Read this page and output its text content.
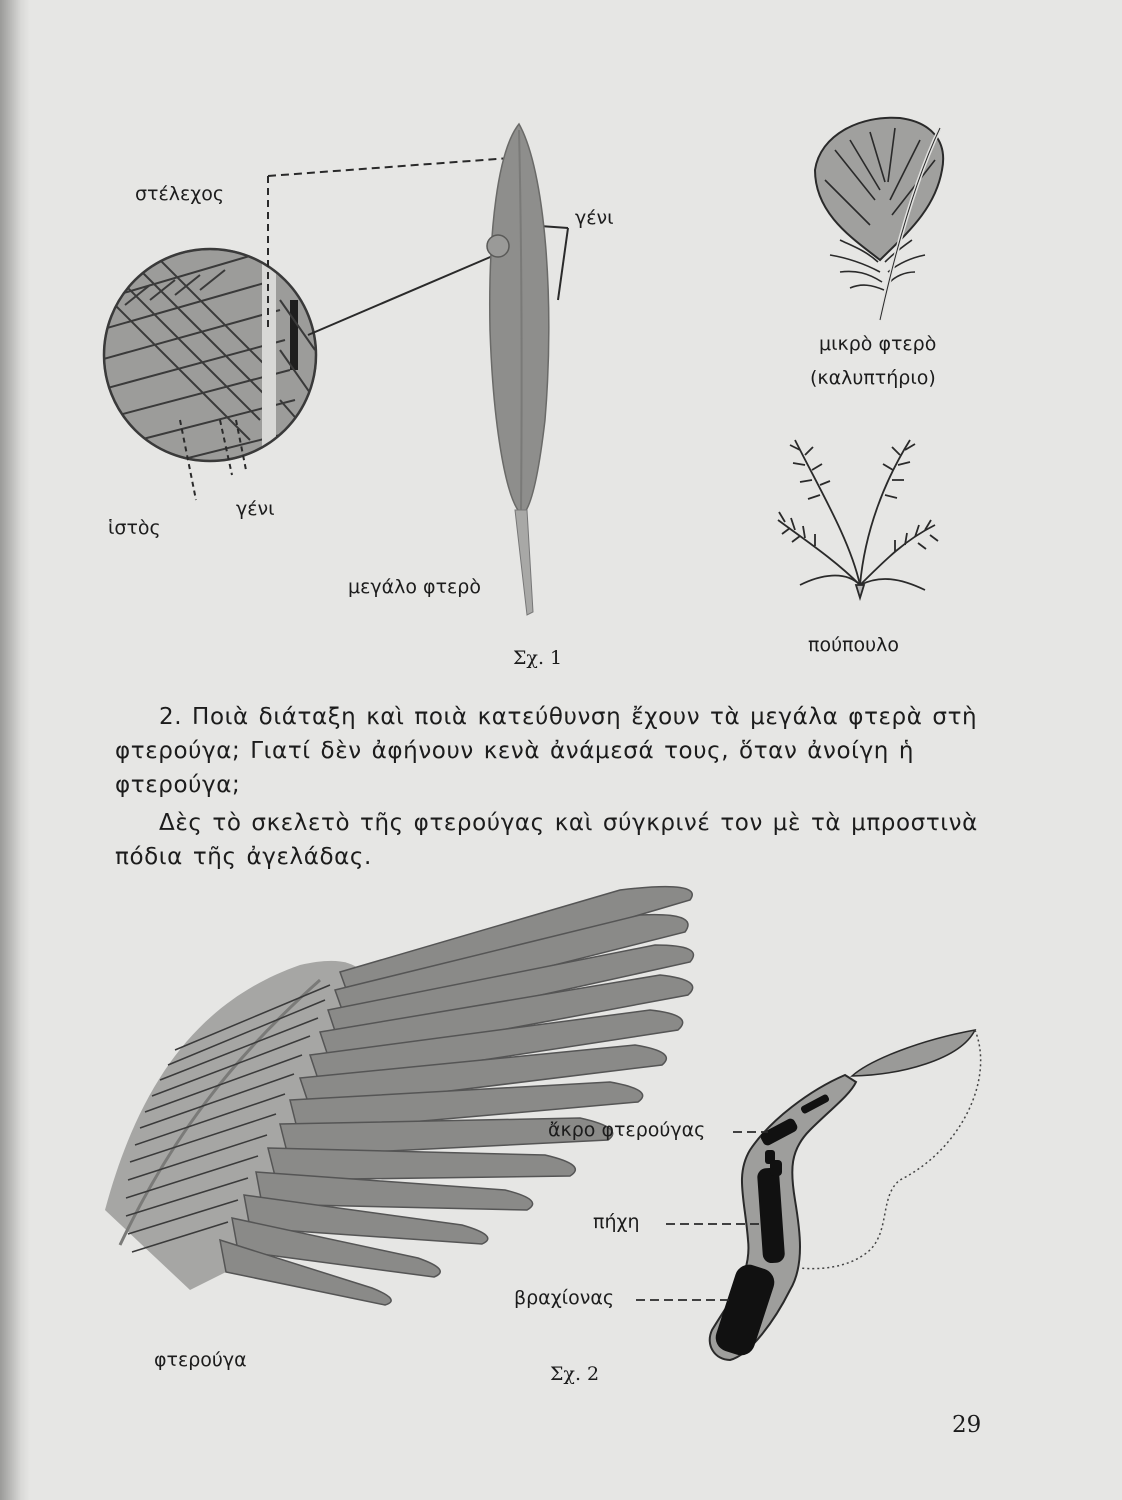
στέλεχος
γένι
γένι
ἱστὸς
μεγάλο φτερὸ
μικρὸ φτερὸ
(καλυπτήριο)
πούπουλο
Σχ. 1
2. Ποιὰ διάταξη καὶ ποιὰ κατεύθυνση ἔχουν τὰ μεγάλα φτερὰ στὴ φτερούγα; Γιατί δὲν ἀφήνουν κενὰ ἀνάμεσά τους, ὅταν ἀνοίγη ἡ φτερούγα;
Δὲς τὸ σκελετὸ τῆς φτερούγας καὶ σύγκρινέ τον μὲ τὰ μπροστινὰ πόδια τῆς ἀγελάδας.
ἄκρο φτερούγας
πήχη
βραχίονας
φτερούγα
Σχ. 2
29
